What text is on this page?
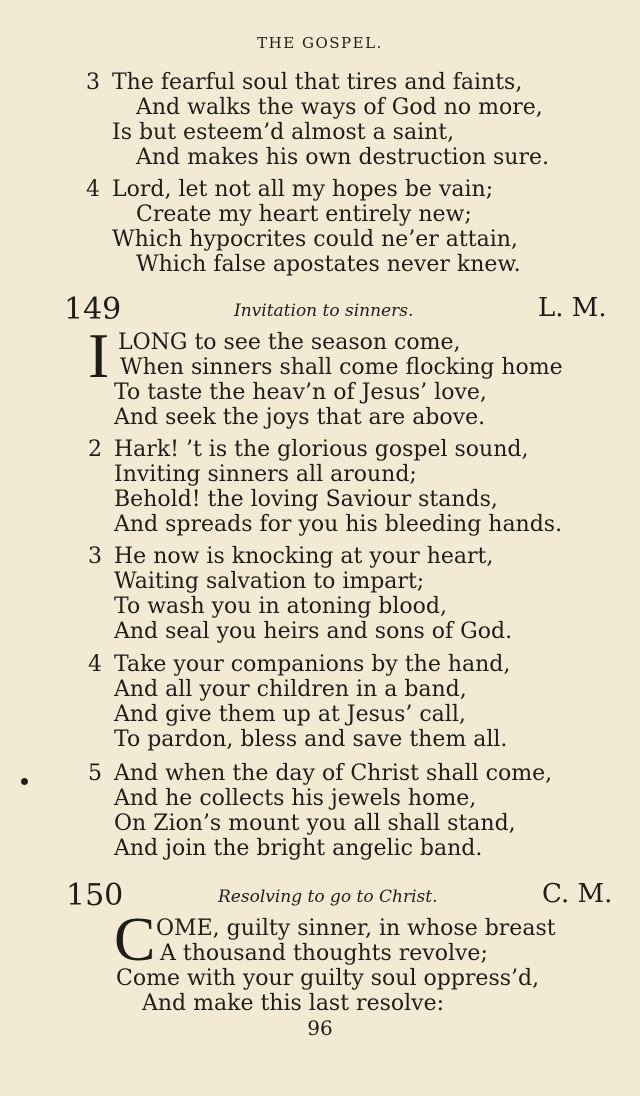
THE GOSPEL.
3 The fearful soul that tires and faints,
And walks the ways of God no more,
Is but esteem’d almost a saint,
And makes his own destruction sure.
4 Lord, let not all my hopes be vain;
Create my heart entirely new;
Which hypocrites could ne’er attain,
Which false apostates never knew.
149	Invitation to sinners.	L. M.
I LONG to see the season come,
When sinners shall come flocking home
To taste the heav’n of Jesus’ love,
And seek the joys that are above.
2 Hark! ’t is the glorious gospel sound,
Inviting sinners all around;
Behold! the loving Saviour stands,
And spreads for you his bleeding hands.
3 He now is knocking at your heart,
Waiting salvation to impart;
To wash you in atoning blood,
And seal you heirs and sons of God.
4 Take your companions by the hand,
And all your children in a band,
And give them up at Jesus’ call,
To pardon, bless and save them all.
5 And when the day of Christ shall come,
And he collects his jewels home,
On Zion’s mount you all shall stand,
And join the bright angelic band.
150	Resolving to go to Christ.	C. M.
C OME, guilty sinner, in whose breast
A thousand thoughts revolve;
Come with your guilty soul oppress’d,
And make this last resolve:
96
